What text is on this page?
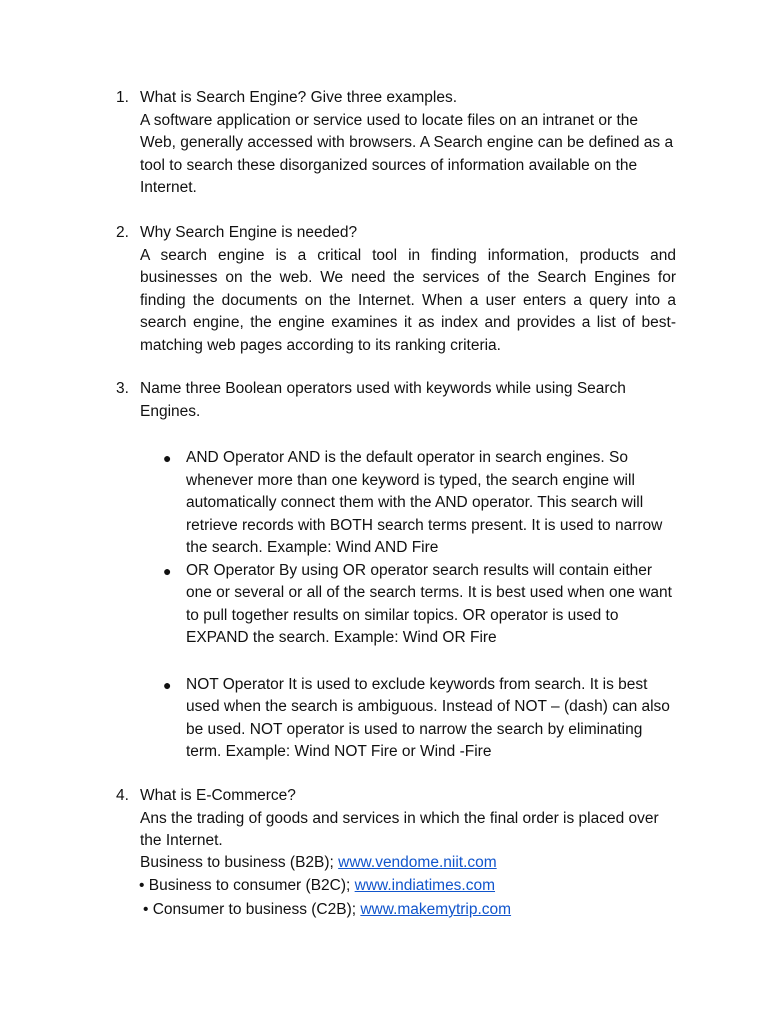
1. What is Search Engine? Give three examples.
A software application or service used to locate files on an intranet or the Web, generally accessed with browsers. A Search engine can be defined as a tool to search these disorganized sources of information available on the Internet.
2. Why Search Engine is needed?
A search engine is a critical tool in finding information, products and businesses on the web. We need the services of the Search Engines for finding the documents on the Internet. When a user enters a query into a search engine, the engine examines it as index and provides a list of best-matching web pages according to its ranking criteria.
3. Name three Boolean operators used with keywords while using Search Engines.
● AND Operator AND is the default operator in search engines. So whenever more than one keyword is typed, the search engine will automatically connect them with the AND operator. This search will retrieve records with BOTH search terms present. It is used to narrow the search. Example: Wind AND Fire
● OR Operator By using OR operator search results will contain either one or several or all of the search terms. It is best used when one want to pull together results on similar topics. OR operator is used to EXPAND the search. Example: Wind OR Fire
● NOT Operator It is used to exclude keywords from search. It is best used when the search is ambiguous. Instead of NOT – (dash) can also be used. NOT operator is used to narrow the search by eliminating term. Example: Wind NOT Fire or Wind -Fire
4. What is E-Commerce?
Ans the trading of goods and services in which the final order is placed over the Internet.
Business to business (B2B); www.vendome.niit.com
• Business to consumer (B2C); www.indiatimes.com
• Consumer to business (C2B); www.makemytrip.com
